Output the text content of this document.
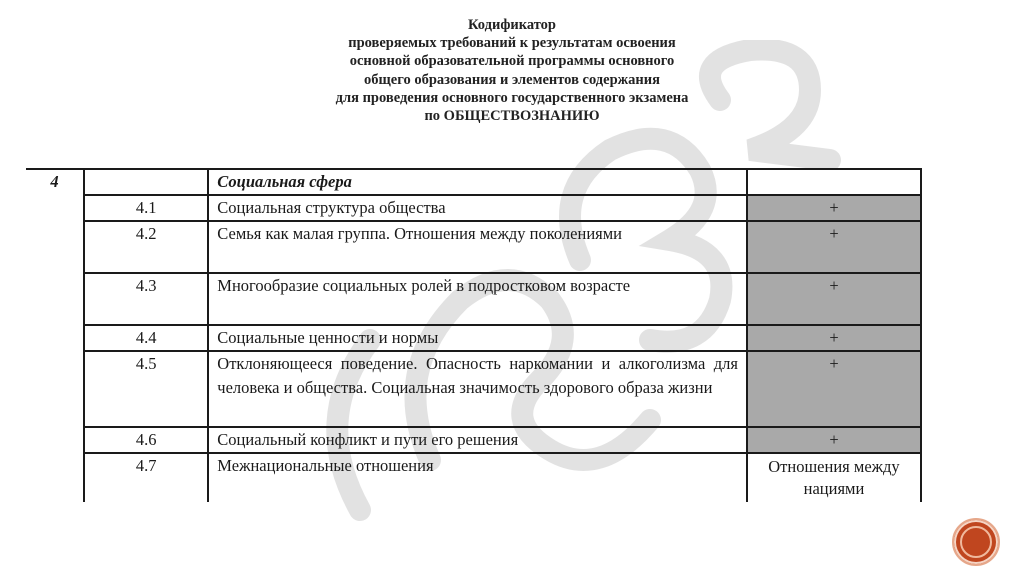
Кодификатор
проверяемых требований к результатам освоения
основной образовательной программы основного
общего образования и элементов содержания
для проведения основного государственного экзамена
по ОБЩЕСТВОЗНАНИЮ
4		Социальная сфера	
	4.1	Социальная структура общества	+
	4.2	Семья как малая группа. Отношения между поколениями	+
	4.3	Многообразие социальных ролей в подростковом возрасте	+
	4.4	Социальные ценности и нормы	+
	4.5	Отклоняющееся поведение. Опасность наркомании и алкоголизма для человека и общества. Социальная значимость здорового образа жизни	+
	4.6	Социальный конфликт и пути его решения	+
	4.7	Межнациональные отношения	Отношения между нациями
